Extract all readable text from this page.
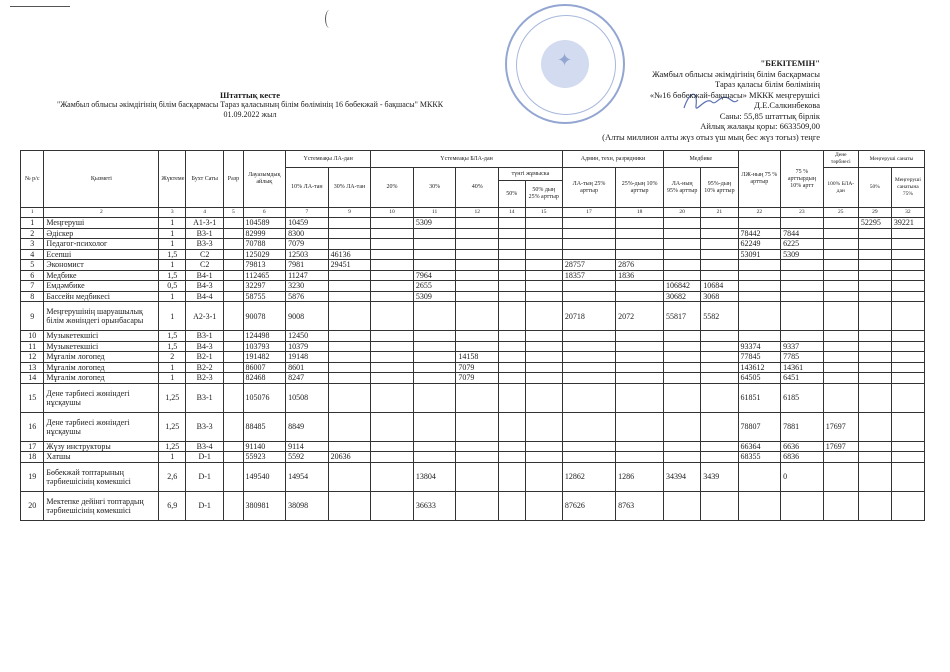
✦
Штаттық кесте
"Жамбыл облысы әкімдігінің білім басқармасы Тараз қаласының білім бөлімінің 16 бөбекжай - бақшасы" МККК
01.09.2022 жыл
"БЕКІТЕМІН"
Жамбыл облысы әкімдігінің білім басқармасы
Тараз қаласы білім бөлімінің
«№16 бөбекжай-бақшасы» МККК меңгерушісі
Д.Е.Салкинбекова
Саны: 55,85 штаттық бірлік
Айлық жалақы қоры: 6633509,00
(Алты миллион алты жүз отыз үш мың бес жүз тоғыз) теңге
№ р/с	Қызметі	Жүктеме	Бухт Саты	Разр	Лауазымдық айлық	Үстемеақы ЛА-дан		Үстемеақы БЛА-дан					Админ, техн, разрядники		Медбике		ЛЖ-ның 75 % арттыр	75 % арттырдың 10% артт	Дене тәрбиесі	Меңгеруші санаты	
						10% ЛА-тан	30% ЛА-тан	20%	30%	40%	түнгі жұмыска		ЛА-тың 25% арттыр	25%-дың 10% арттыр	ЛА-ның 95% арттыр	95%-дың 10% арттыр			100% БЛА-дан	50%	Меңгеруші санатына 75%
											50%	50% дың 25% арттыр									

1	2	3	4	5	6	7	9	10	11	12	14	15	17	18	20	21	22	23	25	29	32
1	Меңгеруші	1	А1-3-1		104589	10459			5309											52295	39221
2	Әдіскер	1	В3-1		82999	8300											78442	7844			
3	Педагог-психолог	1	В3-3		70788	7079											62249	6225			
4	Есепші	1,5	С2		125029	12503	46136										53091	5309			
5	Экономист	1	С2		79813	7981	29451						28757	2876							
6	Медбике	1,5	В4-1		112465	11247			7964				18357	1836							
7	Емдәмбике	0,5	В4-3		32297	3230			2655						106842	10684					
8	Бассейн медбикесі	1	В4-4		58755	5876			5309						30682	3068					
9	Меңгерушінің шаруашылық білім жөніндегі орынбасары	1	А2-3-1		90078	9008							20718	2072	55817	5582					
10	Музыкетекшісі	1,5	В3-1		124498	12450															
11	Музыкетекшісі	1,5	В4-3		103793	10379											93374	9337			
12	Мұғалім логопед	2	В2-1		191482	19148				14158							77845	7785			
13	Мұғалім логопед	1	В2-2		86007	8601				7079							143612	14361			
14	Мұғалім логопед	1	В2-3		82468	8247				7079							64505	6451			
15	Дене тәрбиесі жөніндегі нұсқаушы	1,25	В3-1		105076	10508											61851	6185			
16	Дене тәрбиесі жөніндегі нұсқаушы	1,25	В3-3		88485	8849											78807	7881	17697		
17	Жүзу инструкторы	1,25	В3-4		91140	9114											66364	6636	17697		
18	Хатшы	1	D-1		55923	5592	20636										68355	6836			
19	Бөбекжай топтарының тәрбиешісінің көмекшісі	2,6	D-1		149540	14954			13804				12862	1286	34394	3439		0			
20	Мектепке дейінгі топтардың тәрбиешісінің көмекшісі	6,9	D-1		380981	38098			36633				87626	8763							
